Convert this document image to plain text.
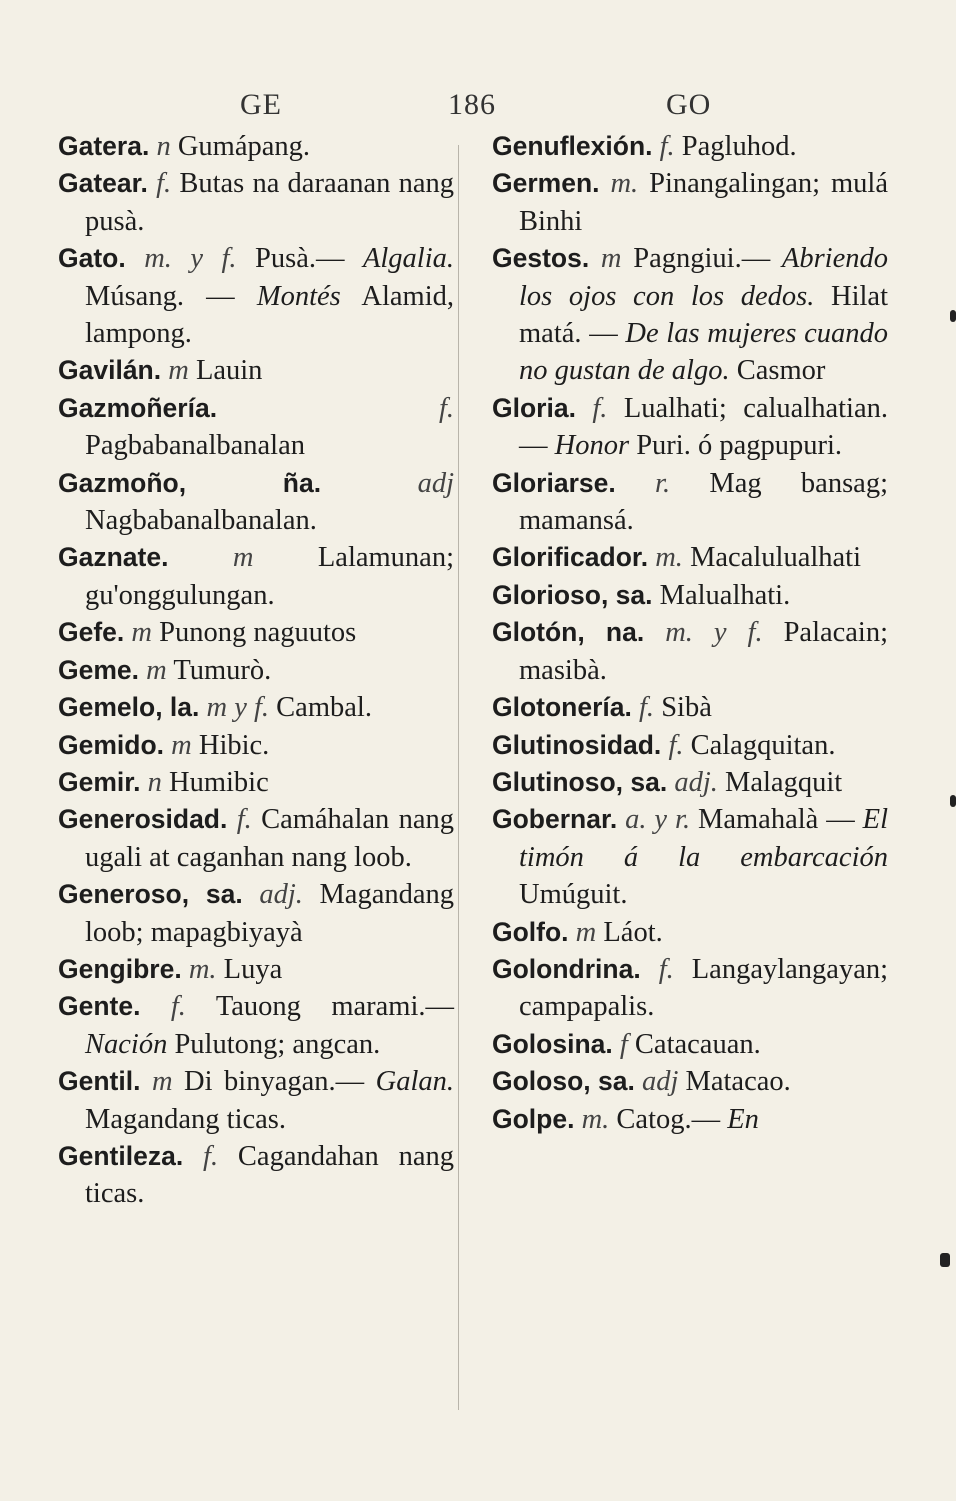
GE	186	GO

Gatera. n Gumápang.

Gatear. f. Butas na daraanan nang pusà.

Gato. m. y f. Pusà.— Algalia. Músang. — Montés Alamid, lampong.

Gavilán. m Lauin

Gazmoñería.	f. Pagbabanalbanalan

Gazmoño, ña.	adj Nagbabanalbanalan.

Gaznate. m Lalamunan; gu'onggulungan.

Gefe. m Punong naguutos

Geme. m Tumurò.

Gemelo, la. m y f. Cambal.

Gemido. m Hibic.

Gemir. n Humibic

Generosidad. f. Camáhalan nang ugali at caganhan nang loob.

Generoso, sa. adj. Magandang loob; mapagbiyayà

Gengibre. m. Luya

Gente. f. Tauong marami.— Nación Pulutong; angcan.

Gentil. m Di binyagan.— Galan. Magandang ticas.

Gentileza. f. Cagandahan nang ticas.

Genuflexión. f. Pagluhod.

Germen. m. Pinangalingan; mulá Binhi

Gestos. m Pagngiui.— Abriendo los ojos con los dedos. Hilat matá. — De las mujeres cuando no gustan de algo. Casmor

Gloria. f. Lualhati; calualhatian.— Honor Puri. ó pagpupuri.

Gloriarse. r. Mag bansag; mamansá.

Glorificador. m. Macalulualhati

Glorioso, sa. Malualhati.

Glotón, na. m. y f. Palacain; masibà.

Glotonería. f. Sibà

Glutinosidad. f. Calagquitan.

Glutinoso, sa. adj. Malagquit

Gobernar. a. y r. Mamahalà — El timón á la embarcación Umúguit.

Golfo. m Láot.

Golondrina. f. Langaylangayan; campapalis.

Golosina. f Catacauan.

Goloso, sa. adj Matacao.

Golpe. m. Catog.— En
